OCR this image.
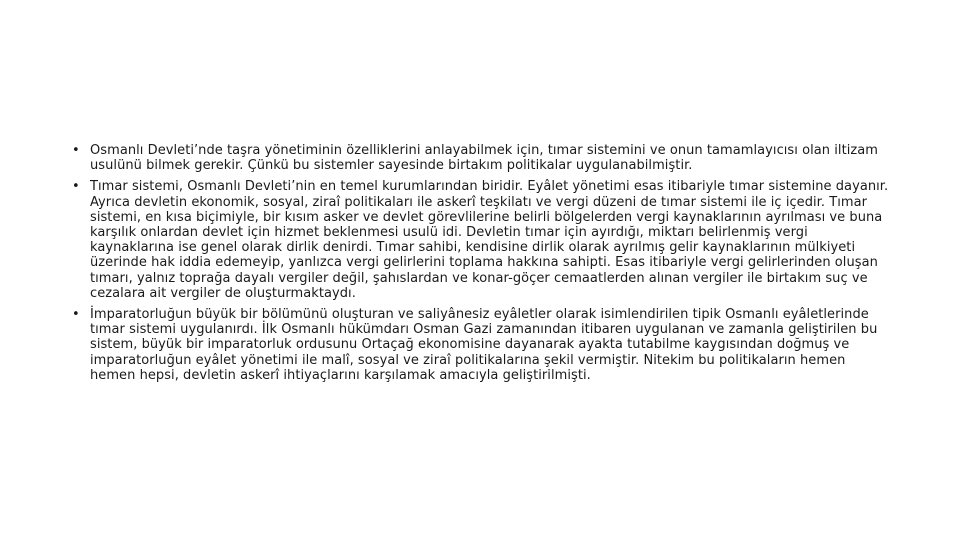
• Osmanlı Devleti’nde taşra yönetiminin özelliklerini anlayabilmek için, tımar sistemini ve onun tamamlayıcısı olan iltizam usulünü bilmek gerekir. Çünkü bu sistemler sayesinde birtakım politikalar uygulanabilmiştir.
• Tımar sistemi, Osmanlı Devleti’nin en temel kurumlarından biridir. Eyâlet yönetimi esas itibariyle tımar sistemine dayanır. Ayrıca devletin ekonomik, sosyal, ziraî politikaları ile askerî teşkilatı ve vergi düzeni de tımar sistemi ile iç içedir. Tımar sistemi, en kısa biçimiyle, bir kısım asker ve devlet görevlilerine belirli bölgelerden vergi kaynaklarının ayrılması ve buna karşılık onlardan devlet için hizmet beklenmesi usulü idi. Devletin tımar için ayırdığı, miktarı belirlenmiş vergi kaynaklarına ise genel olarak dirlik denirdi. Tımar sahibi, kendisine dirlik olarak ayrılmış gelir kaynaklarının mülkiyeti üzerinde hak iddia edemeyip, yanlızca vergi gelirlerini toplama hakkına sahipti. Esas itibariyle vergi gelirlerinden oluşan tımarı, yalnız toprağa dayalı vergiler değil, şahıslardan ve konar-göçer cemaatlerden alınan vergiler ile birtakım suç ve cezalara ait vergiler de oluşturmaktaydı.
• İmparatorluğun büyük bir bölümünü oluşturan ve saliyânesiz eyâletler olarak isimlendirilen tipik Osmanlı eyâletlerinde tımar sistemi uygulanırdı. İlk Osmanlı hükümdarı Osman Gazi zamanından itibaren uygulanan ve zamanla geliştirilen bu sistem, büyük bir imparatorluk ordusunu Ortaçağ ekonomisine dayanarak ayakta tutabilme kaygısından doğmuş ve imparatorluğun eyâlet yönetimi ile malî, sosyal ve ziraî politikalarına şekil vermiştir. Nitekim bu politikaların hemen hemen hepsi, devletin askerî ihtiyaçlarını karşılamak amacıyla geliştirilmişti.
